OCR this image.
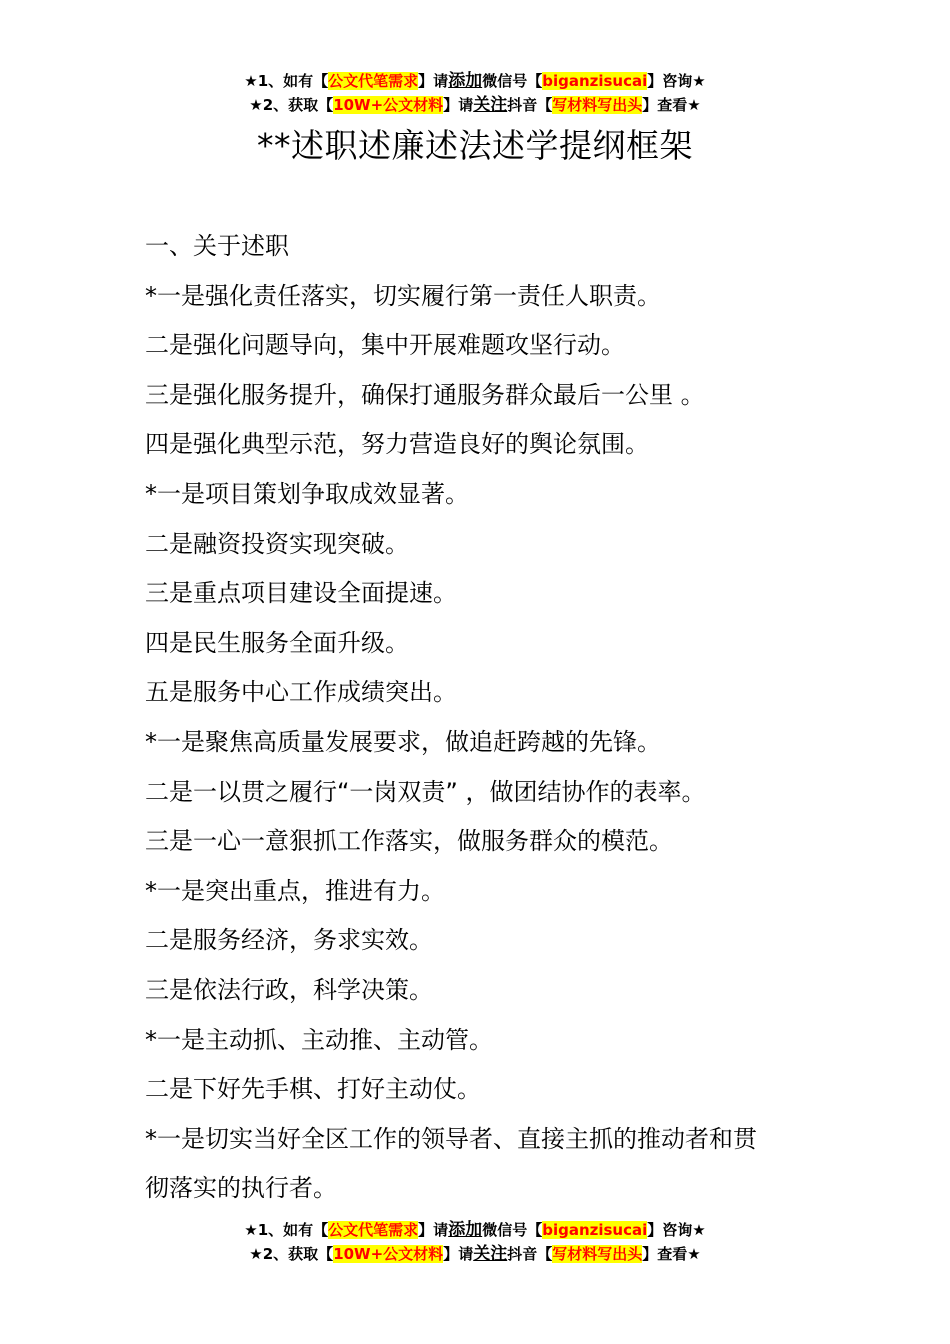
★1、如有【公文代笔需求】请添加微信号【biganzisucai】咨询★
★2、获取【10W+公文材料】请关注抖音【写材料写出头】查看★
**述职述廉述法述学提纲框架
一、关于述职
*一是强化责任落实，切实履行第一责任人职责。
二是强化问题导向，集中开展难题攻坚行动。
三是强化服务提升，确保打通服务群众最后一公里 。
四是强化典型示范，努力营造良好的舆论氛围。
*一是项目策划争取成效显著。
二是融资投资实现突破。
三是重点项目建设全面提速。
四是民生服务全面升级。
五是服务中心工作成绩突出。
*一是聚焦高质量发展要求，做追赶跨越的先锋。
二是一以贯之履行“一岗双责” ，做团结协作的表率。
三是一心一意狠抓工作落实，做服务群众的模范。
*一是突出重点，推进有力。
二是服务经济，务求实效。
三是依法行政，科学决策。
*一是主动抓、主动推、主动管。
二是下好先手棋、打好主动仗。
*一是切实当好全区工作的领导者、直接主抓的推动者和贯
彻落实的执行者。
★1、如有【公文代笔需求】请添加微信号【biganzisucai】咨询★
★2、获取【10W+公文材料】请关注抖音【写材料写出头】查看★
